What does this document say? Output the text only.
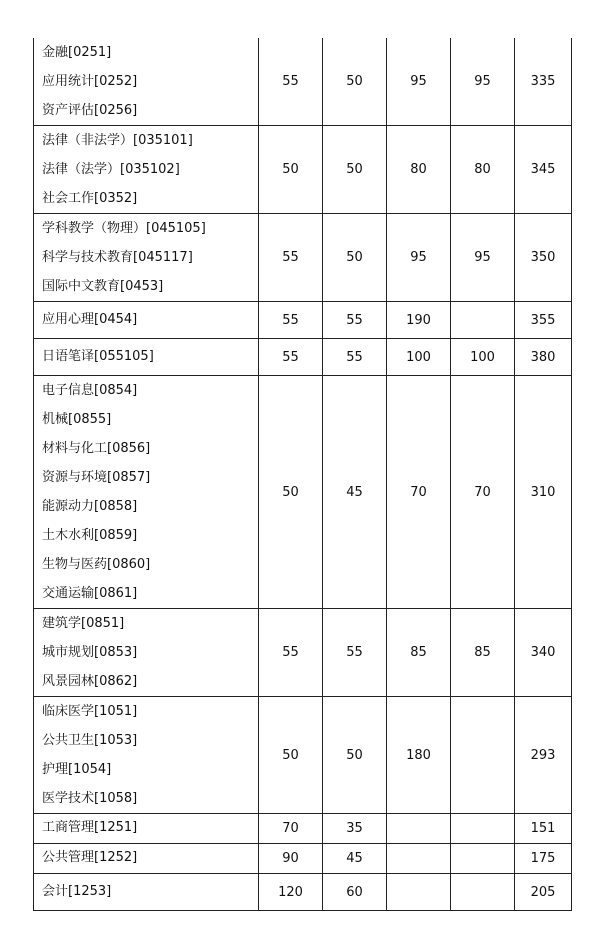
金融[0251]
应用统计[0252]
资产评估[0256]	55	50	95	95	335

法律（非法学）[035101]
法律（法学）[035102]
社会工作[0352]	50	50	80	80	345

学科教学（物理）[045105]
科学与技术教育[045117]
国际中文教育[0453]	55	50	95	95	350

应用心理[0454]	55	55	190		355

日语笔译[055105]	55	55	100	100	380

电子信息[0854]
机械[0855]
材料与化工[0856]
资源与环境[0857]
能源动力[0858]
土木水利[0859]
生物与医药[0860]
交通运输[0861]
	50	45	70	70	310

建筑学[0851]
城市规划[0853]
风景园林[0862]	55	55	85	85	340

临床医学[1051]
公共卫生[1053]
护理[1054]
医学技术[1058]	50	50	180		293

工商管理[1251]	70	35			151

公共管理[1252]	90	45			175

会计[1253]	120	60			205
